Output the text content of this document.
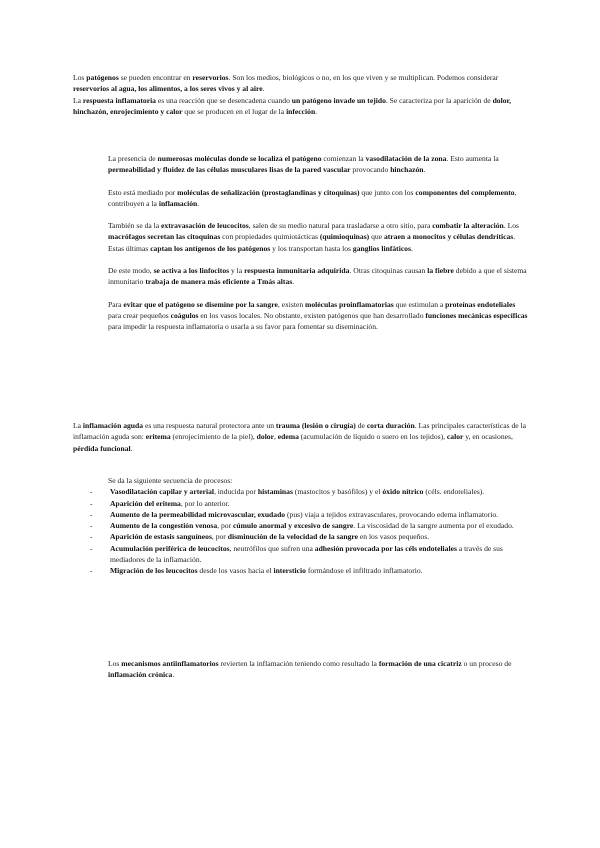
Los patógenos se pueden encontrar en reservorios. Son los medios, biológicos o no, en los que viven y se multiplican. Podemos considerar reservorios al agua, los alimentos, a los seres vivos y al aire.

La respuesta inflamatoria es una reacción que se desencadena cuando un patógeno invade un tejido. Se caracteriza por la aparición de dolor, hinchazón, enrojecimiento y calor que se producen en el lugar de la infección.

La presencia de numerosas moléculas donde se localiza el patógeno comienzan la vasodilatación de la zona. Esto aumenta la permeabilidad y fluidez de las células musculares lisas de la pared vascular provocando hinchazón.

Esto está mediado por moléculas de señalización (prostaglandinas y citoquinas) que junto con los componentes del complemento, contribuyen a la inflamación.

También se da la extravasación de leucocitos, salen de su medio natural para trasladarse a otro sitio, para combatir la alteración. Los macrófagos secretan las citoquinas con propiedades quimiotácticas (quimioquinas) que atraen a monocitos y células dendríticas. Estas últimas captan los antígenos de los patógenos y los transportan hasta los ganglios linfáticos.

De este modo, se activa a los linfocitos y la respuesta inmunitaria adquirida. Otras citoquinas causan la fiebre debido a que el sistema inmunitario trabaja de manera más eficiente a Tmás altas.

Para evitar que el patógeno se disemine por la sangre, existen moléculas proinflamatorias que estimulan a proteínas endoteliales para crear pequeños coágulos en los vasos locales. No obstante, existen patógenos que han desarrollado funciones mecánicas específicas para impedir la respuesta inflamatoria o usarla a su favor para fomentar su diseminación.

La inflamación aguda es una respuesta natural protectora ante un trauma (lesión o cirugía) de corta duración. Las principales características de la inflamación aguda son: eritema (enrojecimiento de la piel), dolor, edema (acumulación de líquido o suero en los tejidos), calor y, en ocasiones, pérdida funcional.

Se da la siguiente secuencia de procesos:

- Vasodilatación capilar y arterial, inducida por histaminas (mastocitos y basófilos) y el óxido nítrico (céls. endoteliales).
- Aparición del eritema, por lo anterior.
- Aumento de la permeabilidad microvascular, exudado (pus) viaja a tejidos extravasculares, provocando edema inflamatorio.
- Aumento de la congestión venosa, por cúmulo anormal y excesivo de sangre. La viscosidad de la sangre aumenta por el exudado.
- Aparición de estasis sanguíneos, por disminución de la velocidad de la sangre en los vasos pequeños.
- Acumulación periférica de leucocitos, neutrófilos que sufren una adhesión provocada por las céls endoteliales a través de sus mediadores de la inflamación.
- Migración de los leucocitos desde los vasos hacia el intersticio formándose el infiltrado inflamatorio.

Los mecanismos antiinflamatorios revierten la inflamación teniendo como resultado la formación de una cicatriz o un proceso de inflamación crónica.
